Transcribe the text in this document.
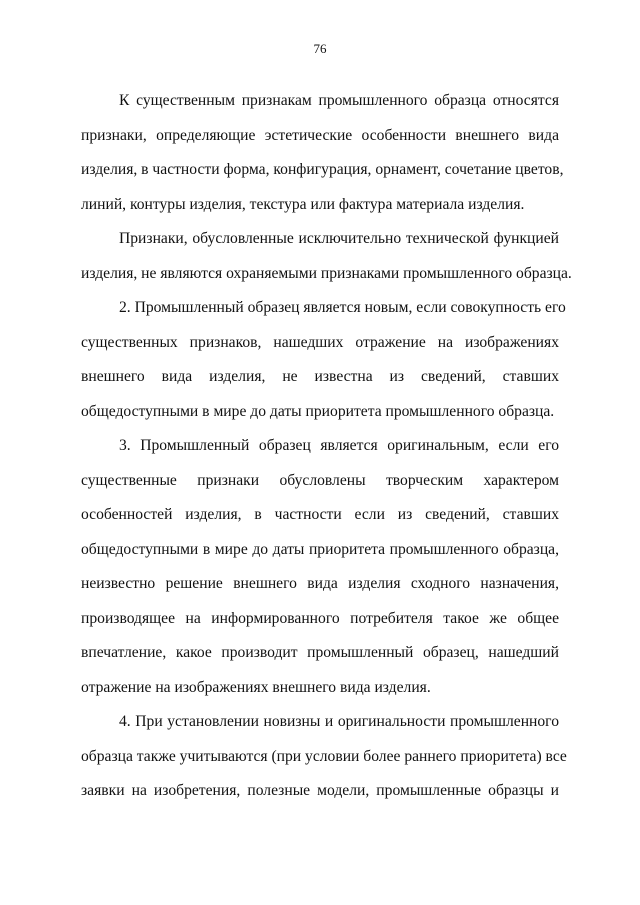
76
К существенным признакам промышленного образца относятся
признаки, определяющие эстетические особенности внешнего вида
изделия, в частности форма, конфигурация, орнамент, сочетание цветов,
линий, контуры изделия, текстура или фактура материала изделия.
Признаки, обусловленные исключительно технической функцией
изделия, не являются охраняемыми признаками промышленного образца.
2. Промышленный образец является новым, если совокупность его
существенных признаков, нашедших отражение на изображениях
внешнего вида изделия, не известна из сведений, ставших
общедоступными в мире до даты приоритета промышленного образца.
3. Промышленный образец является оригинальным, если его
существенные признаки обусловлены творческим характером
особенностей изделия, в частности если из сведений, ставших
общедоступными в мире до даты приоритета промышленного образца,
неизвестно решение внешнего вида изделия сходного назначения,
производящее на информированного потребителя такое же общее
впечатление, какое производит промышленный образец, нашедший
отражение на изображениях внешнего вида изделия.
4. При установлении новизны и оригинальности промышленного
образца также учитываются (при условии более раннего приоритета) все
заявки на изобретения, полезные модели, промышленные образцы и
